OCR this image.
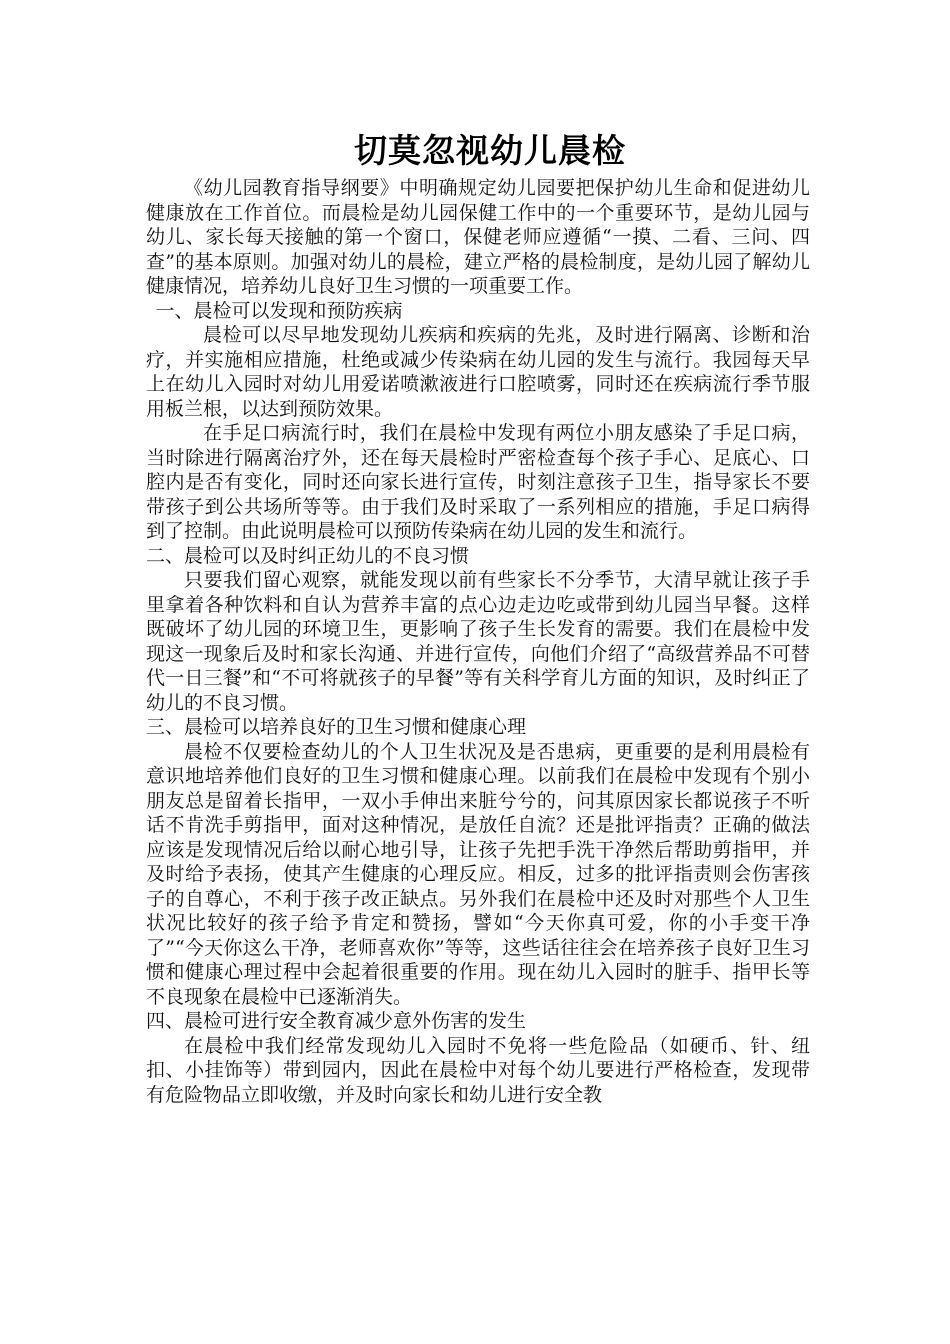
切莫忽视幼儿晨检

《幼儿园教育指导纲要》中明确规定幼儿园要把保护幼儿生命和促进幼儿健康放在工作首位。而晨检是幼儿园保健工作中的一个重要环节，是幼儿园与幼儿、家长每天接触的第一个窗口，保健老师应遵循“一摸、二看、三问、四查”的基本原则。加强对幼儿的晨检，建立严格的晨检制度，是幼儿园了解幼儿健康情况，培养幼儿良好卫生习惯的一项重要工作。

一、晨检可以发现和预防疾病

晨检可以尽早地发现幼儿疾病和疾病的先兆，及时进行隔离、诊断和治疗，并实施相应措施，杜绝或减少传染病在幼儿园的发生与流行。我园每天早上在幼儿入园时对幼儿用爱诺喷漱液进行口腔喷雾，同时还在疾病流行季节服用板兰根，以达到预防效果。

在手足口病流行时，我们在晨检中发现有两位小朋友感染了手足口病，当时除进行隔离治疗外，还在每天晨检时严密检查每个孩子手心、足底心、口腔内是否有变化，同时还向家长进行宣传，时刻注意孩子卫生，指导家长不要带孩子到公共场所等等。由于我们及时采取了一系列相应的措施，手足口病得到了控制。由此说明晨检可以预防传染病在幼儿园的发生和流行。

二、晨检可以及时纠正幼儿的不良习惯

只要我们留心观察，就能发现以前有些家长不分季节，大清早就让孩子手里拿着各种饮料和自认为营养丰富的点心边走边吃或带到幼儿园当早餐。这样既破坏了幼儿园的环境卫生，更影响了孩子生长发育的需要。我们在晨检中发现这一现象后及时和家长沟通、并进行宣传，向他们介绍了“高级营养品不可替代一日三餐”和“不可将就孩子的早餐”等有关科学育儿方面的知识，及时纠正了幼儿的不良习惯。

三、晨检可以培养良好的卫生习惯和健康心理

晨检不仅要检查幼儿的个人卫生状况及是否患病，更重要的是利用晨检有意识地培养他们良好的卫生习惯和健康心理。以前我们在晨检中发现有个别小朋友总是留着长指甲，一双小手伸出来脏兮兮的，问其原因家长都说孩子不听话不肯洗手剪指甲，面对这种情况，是放任自流？还是批评指责？正确的做法应该是发现情况后给以耐心地引导，让孩子先把手洗干净然后帮助剪指甲，并及时给予表扬，使其产生健康的心理反应。相反，过多的批评指责则会伤害孩子的自尊心，不利于孩子改正缺点。另外我们在晨检中还及时对那些个人卫生状况比较好的孩子给予肯定和赞扬，譬如“今天你真可爱，你的小手变干净了”“今天你这么干净，老师喜欢你”等等，这些话往往会在培养孩子良好卫生习惯和健康心理过程中会起着很重要的作用。现在幼儿入园时的脏手、指甲长等不良现象在晨检中已逐渐消失。

四、晨检可进行安全教育减少意外伤害的发生

在晨检中我们经常发现幼儿入园时不免将一些危险品（如硬币、针、纽扣、小挂饰等）带到园内，因此在晨检中对每个幼儿要进行严格检查，发现带有危险物品立即收缴，并及时向家长和幼儿进行安全教
